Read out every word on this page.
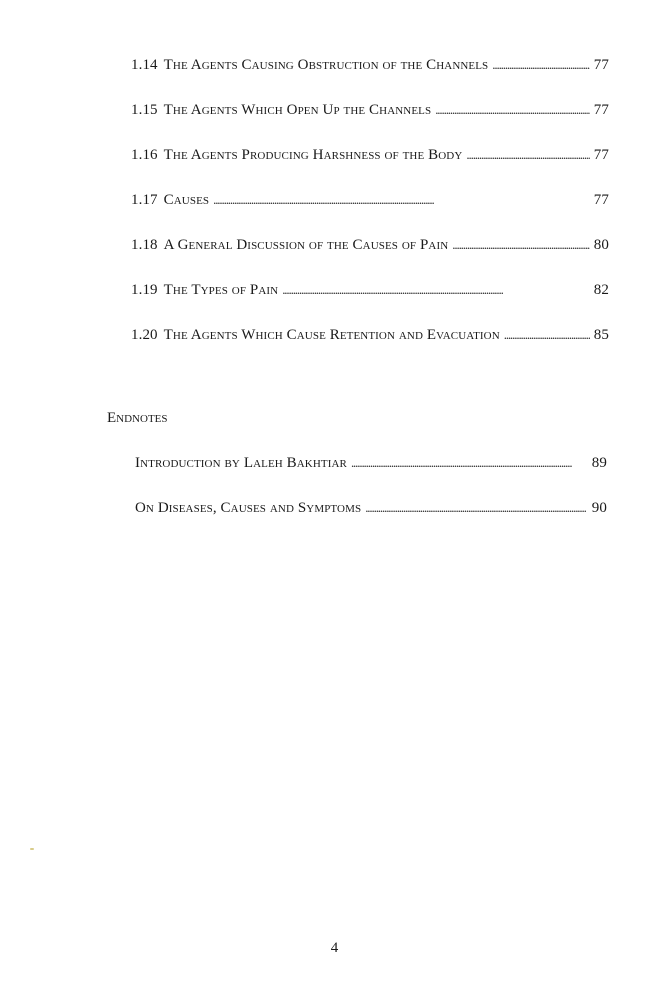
1.14 The Agents Causing Obstruction of the Channels . . .	77
1.15 The Agents Which Open Up the Channels . . .	77
1.16 The Agents Producing Harshness of the Body . . .	77
1.17 Causes . . .	77
1.18 A General Discussion of the Causes of Pain . . .	80
1.19 The Types of Pain . . .	82
1.20 The Agents Which Cause Retention and Evacuation . . .	85
Endnotes
Introduction by Laleh Bakhtiar . . .	89
On Diseases, Causes and Symptoms . . .	90
4
